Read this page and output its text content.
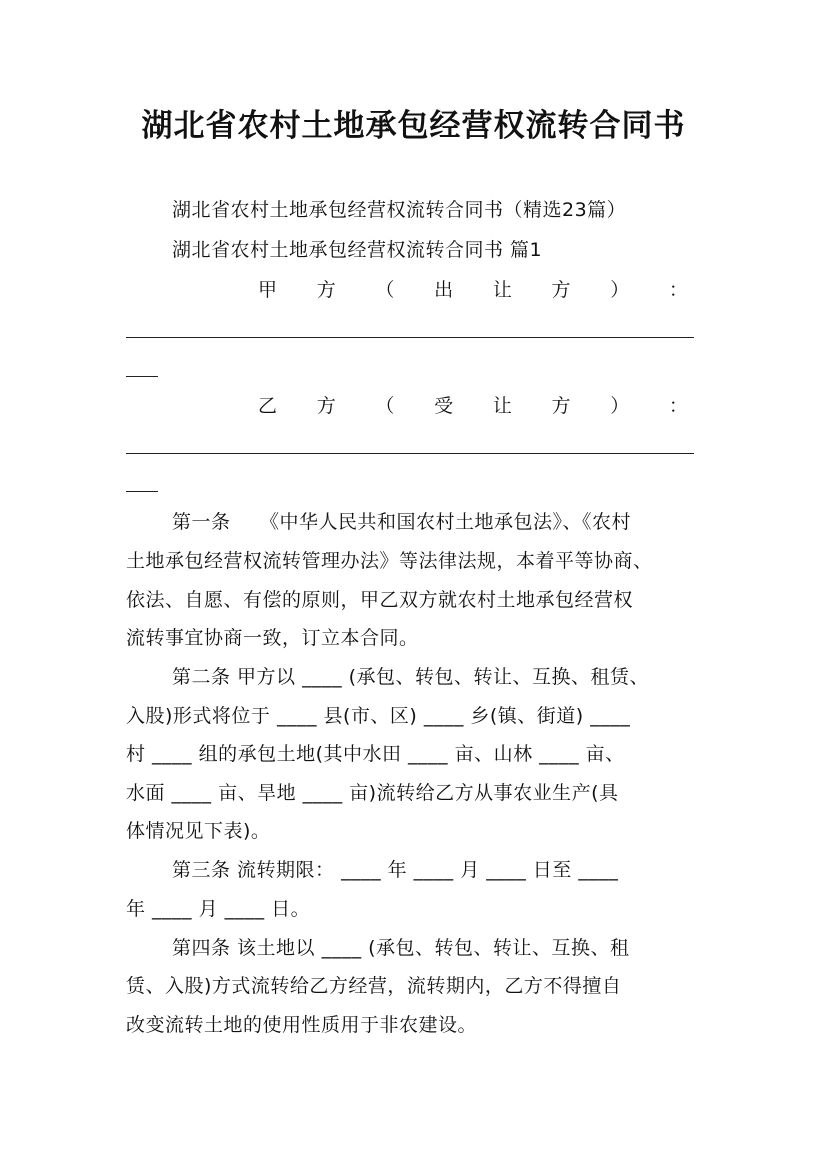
湖北省农村土地承包经营权流转合同书
湖北省农村土地承包经营权流转合同书（精选23篇）
湖北省农村土地承包经营权流转合同书 篇1
甲 方 （ 出 让 方 ） ：
乙 方 （ 受 让 方 ） ：
第一条　　《中华人民共和国农村土地承包法》、《农村
土地承包经营权流转管理办法》等法律法规，本着平等协商、
依法、自愿、有偿的原则，甲乙双方就农村土地承包经营权
流转事宜协商一致，订立本合同。
第二条 甲方以 ____ (承包、转包、转让、互换、租赁、
入股)形式将位于 ____ 县(市、区) ____ 乡(镇、街道) ____
村 ____ 组的承包土地(其中水田 ____ 亩、山林 ____ 亩、
水面 ____ 亩、旱地 ____ 亩)流转给乙方从事农业生产(具
体情况见下表)。
第三条 流转期限： ____ 年 ____ 月 ____ 日至 ____
年 ____ 月 ____ 日。
第四条 该土地以 ____ (承包、转包、转让、互换、租
赁、入股)方式流转给乙方经营，流转期内，乙方不得擅自
改变流转土地的使用性质用于非农建设。
